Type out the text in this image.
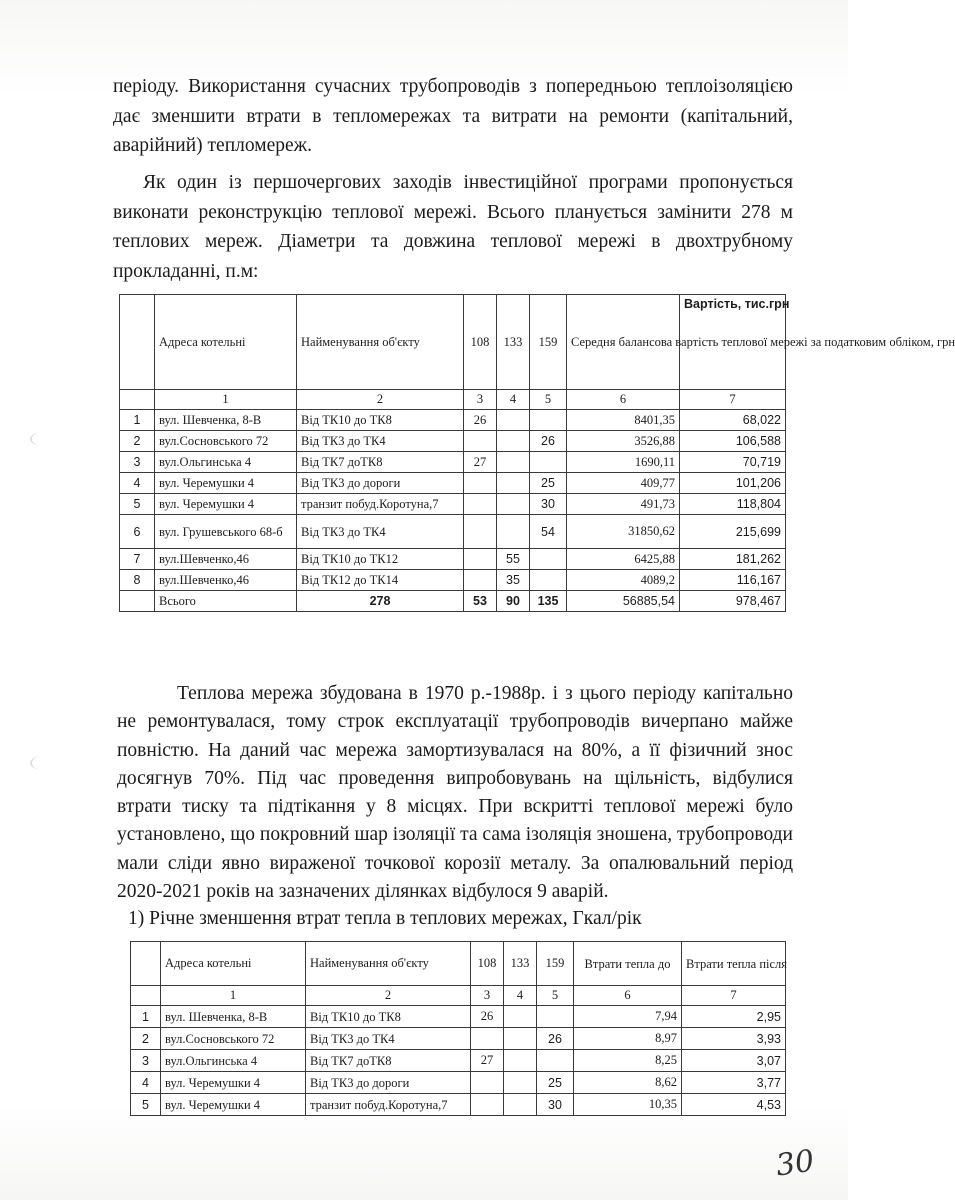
періоду. Використання сучасних трубопроводів з попередньою теплоізоляцією дає зменшити втрати в тепломережах та витрати на ремонти (капітальний, аварійний) тепломереж.
Як один із першочергових заходів інвестиційної програми пропонується виконати реконструкцію теплової мережі. Всього планується замінити 278 м теплових мереж. Діаметри та довжина теплової мережі в двохтрубному прокладанні, п.м:
	Адреса котельні	Найменування об'єкту	108	133	159	Середня балансова вартість теплової мережі за податковим обліком, грн	Вартість, тис.грн
	1	2	3	4	5	6	7
1	вул. Шевченка, 8-В	Від ТК10 до ТК8	26			8401,35	68,022
2	вул.Сосновського 72	Від ТК3 до ТК4			26	3526,88	106,588
3	вул.Ольгинська 4	Від ТК7 доТК8	27			1690,11	70,719
4	вул. Черемушки 4	Від ТК3 до дороги			25	409,77	101,206
5	вул. Черемушки 4	транзит побуд.Коротуна,7			30	491,73	118,804
6	вул. Грушевського 68-б	Від ТК3 до ТК4			54	31850,62	215,699
7	вул.Шевченко,46	Від ТК10 до ТК12		55		6425,88	181,262
8	вул.Шевченко,46	Від ТК12 до ТК14		35		4089,2	116,167
	Всього	278	53	90	135	56885,54	978,467
Теплова мережа збудована в 1970 р.-1988р. і з цього періоду капітально не ремонтувалася, тому строк експлуатації трубопроводів вичерпано майже повністю. На даний час мережа замортизувалася на 80%, а її фізичний знос досягнув 70%. Під час проведення випробовувань на щільність, відбулися втрати тиску та підтікання у 8 місцях. При вскритті теплової мережі було установлено, що покровний шар ізоляції та сама ізоляція зношена, трубопроводи мали сліди явно вираженої точкової корозії металу. За опалювальний період 2020-2021 років на зазначених ділянках відбулося 9 аварій.
1) Річне зменшення втрат тепла в теплових мережах, Гкал/рік
	Адреса котельні	Найменування об'єкту	108	133	159	Втрати тепла до	Втрати тепла після
	1	2	3	4	5	6	7
1	вул. Шевченка, 8-В	Від ТК10 до ТК8	26			7,94	2,95
2	вул.Сосновського 72	Від ТК3 до ТК4			26	8,97	3,93
3	вул.Ольгинська 4	Від ТК7 доТК8	27			8,25	3,07
4	вул. Черемушки 4	Від ТК3 до дороги			25	8,62	3,77
5	вул. Черемушки 4	транзит побуд.Коротуна,7			30	10,35	4,53
30
